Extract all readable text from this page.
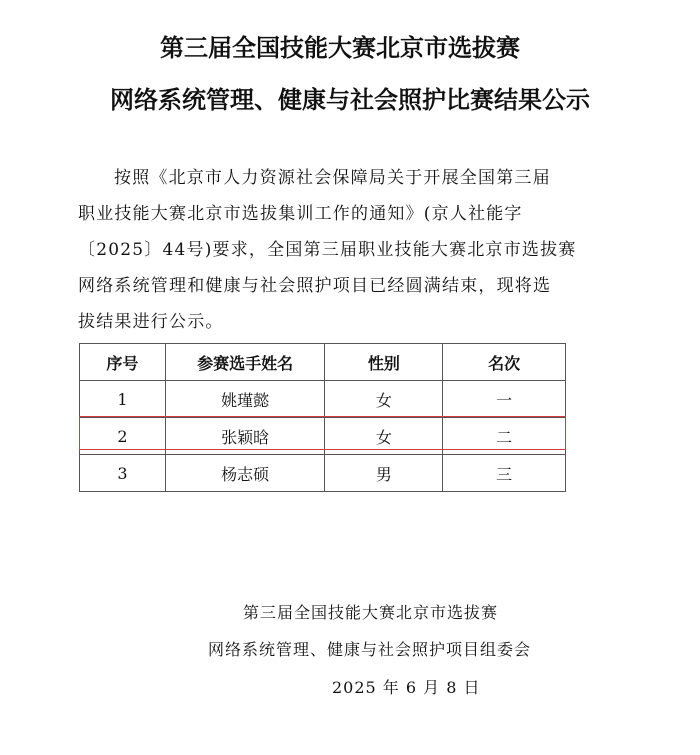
第三届全国技能大赛北京市选拔赛
网络系统管理、健康与社会照护比赛结果公示

按照《北京市人力资源社会保障局关于开展全国第三届

职业技能大赛北京市选拔集训工作的通知》(京人社能字

〔2025〕44号)要求，全国第三届职业技能大赛北京市选拔赛

网络系统管理和健康与社会照护项目已经圆满结束，现将选

拔结果进行公示。

序号	参赛选手姓名	性别	名次
1	姚瑾懿	女	一
2	张颖晗	女	二
3	杨志硕	男	三
第三届全国技能大赛北京市选拔赛
网络系统管理、健康与社会照护项目组委会
2025 年 6 月 8 日
